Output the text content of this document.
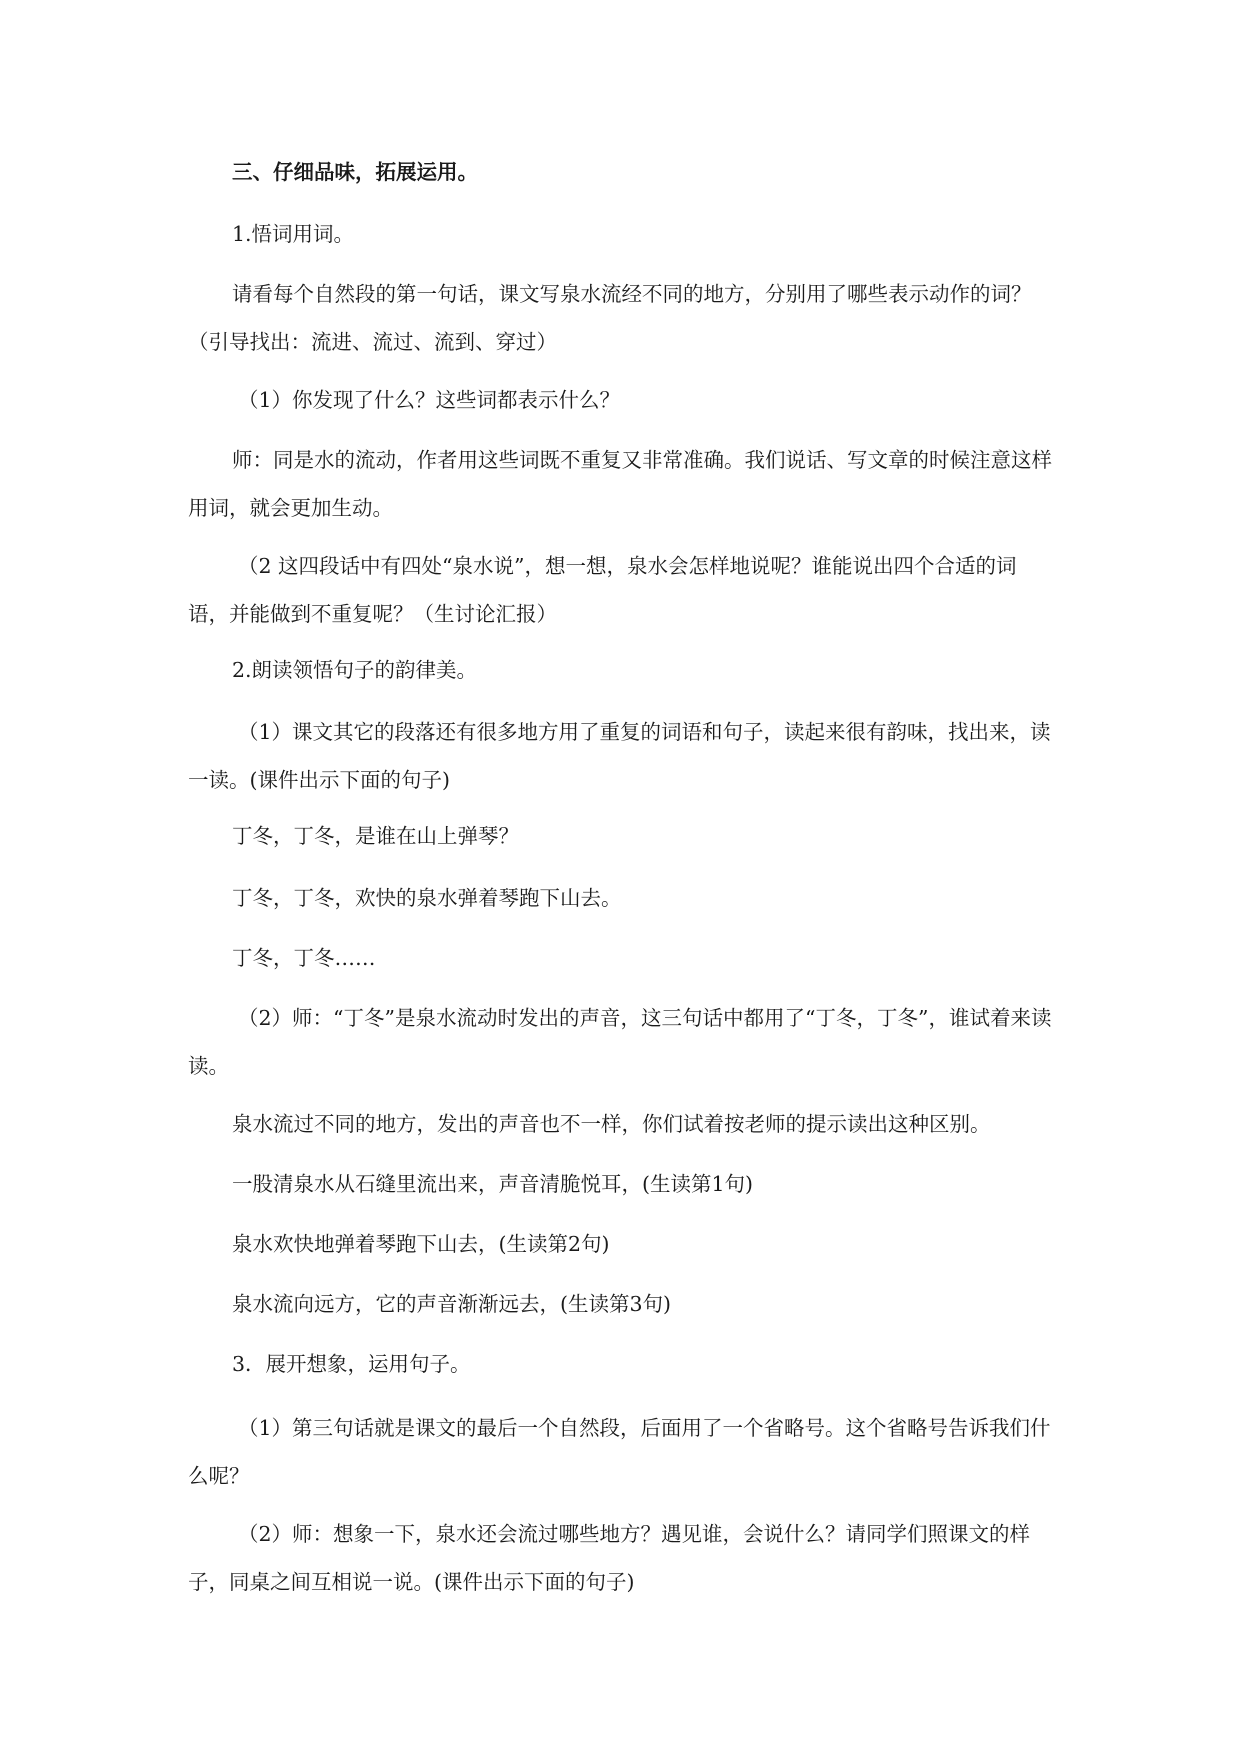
三、仔细品味，拓展运用。
1.悟词用词。
请看每个自然段的第一句话，课文写泉水流经不同的地方，分别用了哪些表示动作的词？（引导找出：流进、流过、流到、穿过）
（1）你发现了什么？这些词都表示什么？
师：同是水的流动，作者用这些词既不重复又非常准确。我们说话、写文章的时候注意这样用词，就会更加生动。
（2 这四段话中有四处“泉水说”，想一想，泉水会怎样地说呢？谁能说出四个合适的词语，并能做到不重复呢？（生讨论汇报）
2.朗读领悟句子的韵律美。
（1）课文其它的段落还有很多地方用了重复的词语和句子，读起来很有韵味，找出来，读一读。(课件出示下面的句子)
丁冬，丁冬，是谁在山上弹琴？
丁冬，丁冬，欢快的泉水弹着琴跑下山去。
丁冬，丁冬……
（2）师：“丁冬”是泉水流动时发出的声音，这三句话中都用了“丁冬，丁冬”，谁试着来读读。
泉水流过不同的地方，发出的声音也不一样，你们试着按老师的提示读出这种区别。
一股清泉水从石缝里流出来，声音清脆悦耳，(生读第1句)
泉水欢快地弹着琴跑下山去，(生读第2句)
泉水流向远方，它的声音渐渐远去，(生读第3句)
3．展开想象，运用句子。
（1）第三句话就是课文的最后一个自然段，后面用了一个省略号。这个省略号告诉我们什么呢？
（2）师：想象一下，泉水还会流过哪些地方？遇见谁，会说什么？请同学们照课文的样子，同桌之间互相说一说。(课件出示下面的句子)
